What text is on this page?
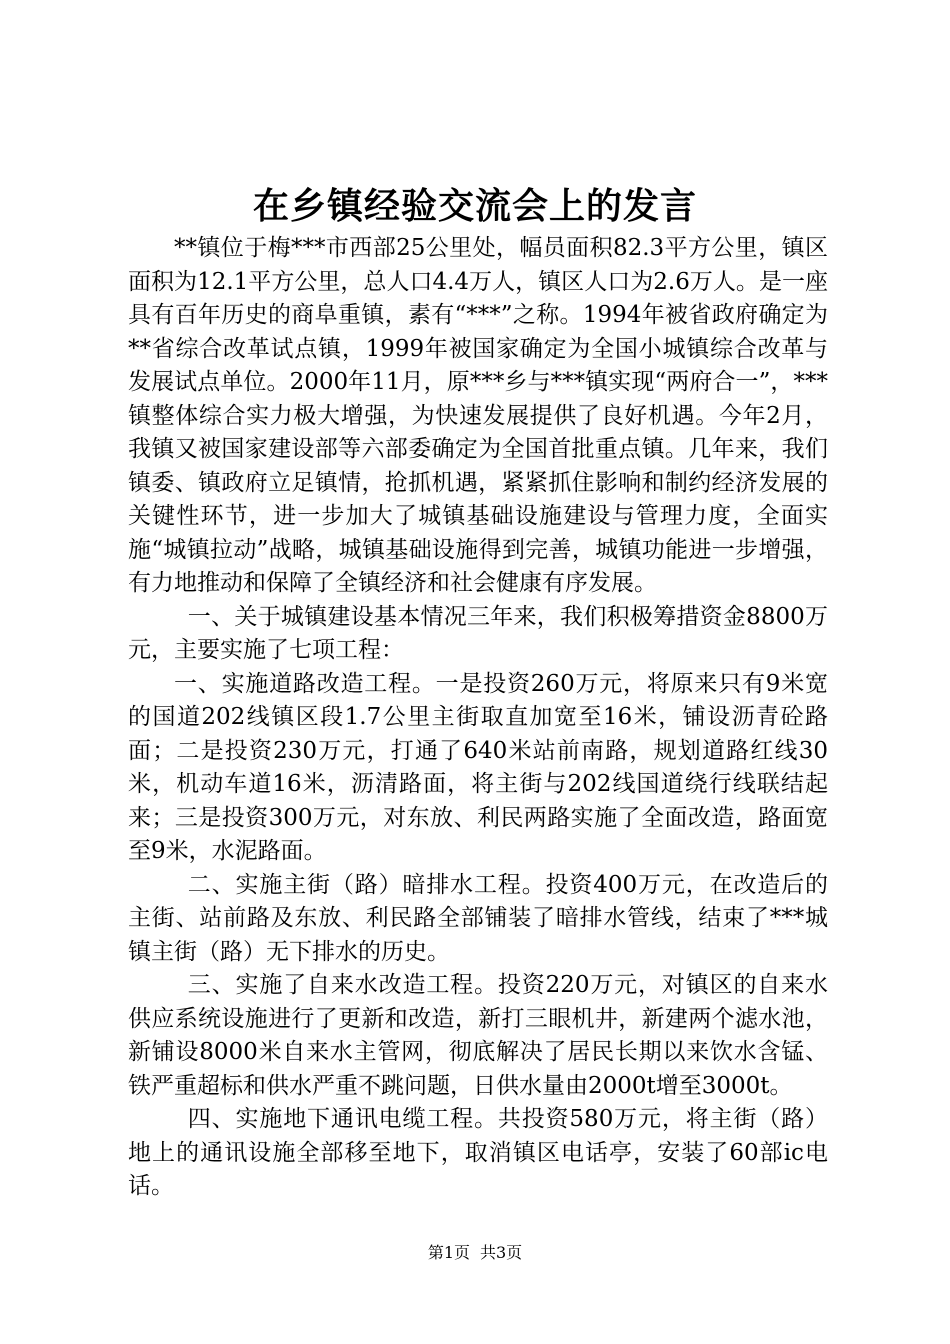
在乡镇经验交流会上的发言

**镇位于梅***市西部25公里处，幅员面积82.3平方公里，镇区面积为12.1平方公里，总人口4.4万人，镇区人口为2.6万人。是一座具有百年历史的商阜重镇，素有“***”之称。1994年被省政府确定为**省综合改革试点镇，1999年被国家确定为全国小城镇综合改革与发展试点单位。2000年11月，原***乡与***镇实现“两府合一”，***镇整体综合实力极大增强，为快速发展提供了良好机遇。今年2月，我镇又被国家建设部等六部委确定为全国首批重点镇。几年来，我们镇委、镇政府立足镇情，抢抓机遇，紧紧抓住影响和制约经济发展的关键性环节，进一步加大了城镇基础设施建设与管理力度，全面实施“城镇拉动”战略，城镇基础设施得到完善，城镇功能进一步增强，有力地推动和保障了全镇经济和社会健康有序发展。

一、关于城镇建设基本情况三年来，我们积极筹措资金8800万元，主要实施了七项工程：

一、实施道路改造工程。一是投资260万元，将原来只有9米宽的国道202线镇区段1.7公里主街取直加宽至16米，铺设沥青砼路面；二是投资230万元，打通了640米站前南路，规划道路红线30米，机动车道16米，沥清路面，将主街与202线国道绕行线联结起来；三是投资300万元，对东放、利民两路实施了全面改造，路面宽至9米，水泥路面。

二、实施主街（路）暗排水工程。投资400万元，在改造后的主街、站前路及东放、利民路全部铺装了暗排水管线，结束了***城镇主街（路）无下排水的历史。

三、实施了自来水改造工程。投资220万元，对镇区的自来水供应系统设施进行了更新和改造，新打三眼机井，新建两个滤水池，新铺设8000米自来水主管网，彻底解决了居民长期以来饮水含锰、铁严重超标和供水严重不跳问题，日供水量由2000t增至3000t。

四、实施地下通讯电缆工程。共投资580万元，将主街（路）地上的通讯设施全部移至地下，取消镇区电话亭，安装了60部ic电话。

第1页 共3页
